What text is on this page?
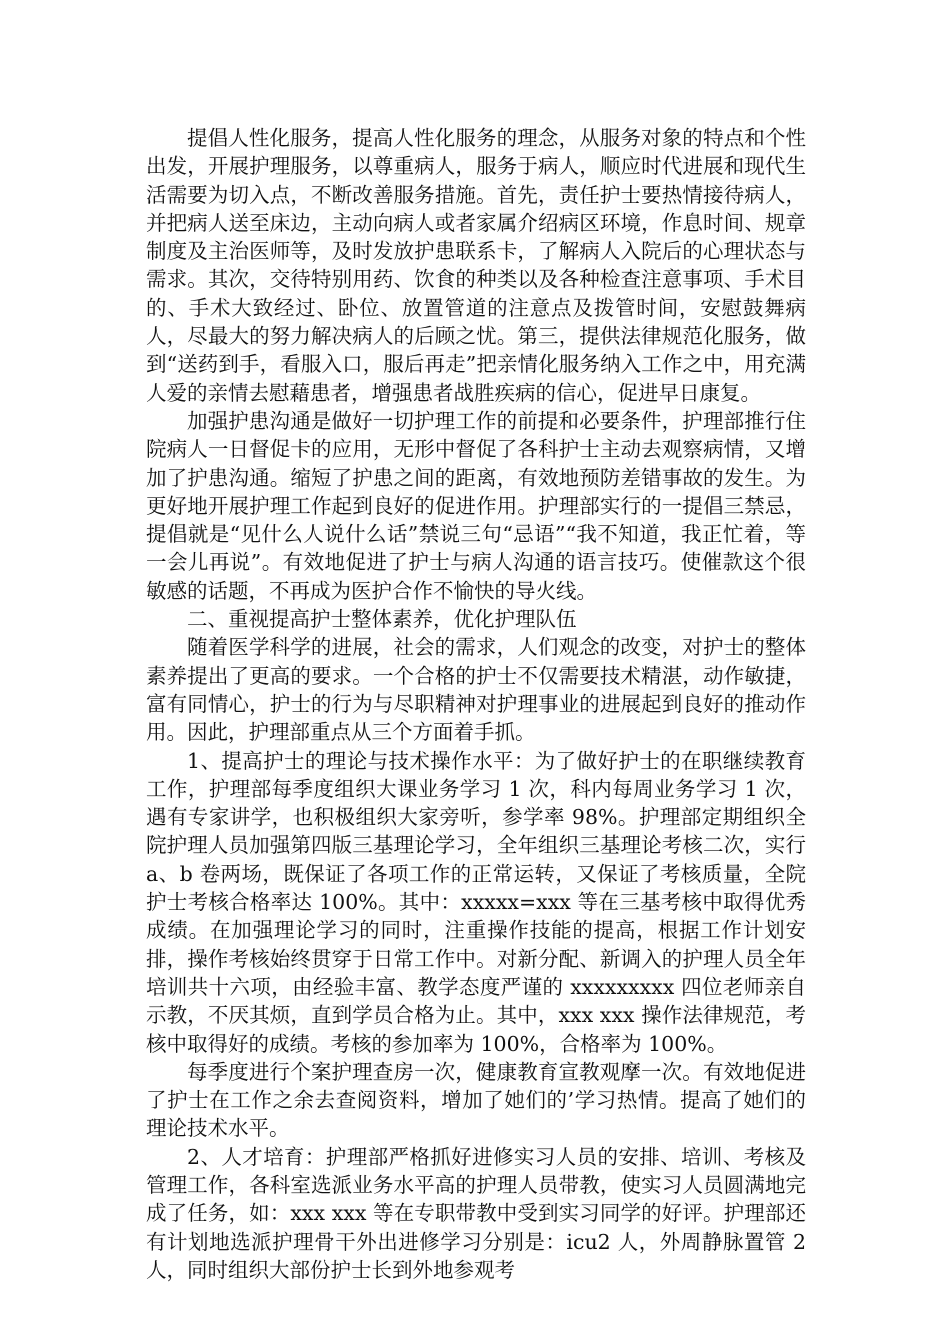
提倡人性化服务，提高人性化服务的理念，从服务对象的特点和个性出发，开展护理服务，以尊重病人，服务于病人，顺应时代进展和现代生活需要为切入点，不断改善服务措施。首先，责任护士要热情接待病人，并把病人送至床边，主动向病人或者家属介绍病区环境，作息时间、规章制度及主治医师等，及时发放护患联系卡，了解病人入院后的心理状态与需求。其次，交待特别用药、饮食的种类以及各种检查注意事项、手术目的、手术大致经过、卧位、放置管道的注意点及拨管时间，安慰鼓舞病人，尽最大的努力解决病人的后顾之忧。第三，提供法律规范化服务，做到“送药到手，看服入口，服后再走”把亲情化服务纳入工作之中，用充满人爱的亲情去慰藉患者，增强患者战胜疾病的信心，促进早日康复。

加强护患沟通是做好一切护理工作的前提和必要条件，护理部推行住院病人一日督促卡的应用，无形中督促了各科护士主动去观察病情，又增加了护患沟通。缩短了护患之间的距离，有效地预防差错事故的发生。为更好地开展护理工作起到良好的促进作用。护理部实行的一提倡三禁忌，提倡就是“见什么人说什么话”禁说三句“忌语”“我不知道，我正忙着，等一会儿再说”。有效地促进了护士与病人沟通的语言技巧。使催款这个很敏感的话题，不再成为医护合作不愉快的导火线。

二、重视提高护士整体素养，优化护理队伍

随着医学科学的进展，社会的需求，人们观念的改变，对护士的整体素养提出了更高的要求。一个合格的护士不仅需要技术精湛，动作敏捷，富有同情心，护士的行为与尽职精神对护理事业的进展起到良好的推动作用。因此，护理部重点从三个方面着手抓。

1、提高护士的理论与技术操作水平：为了做好护士的在职继续教育工作，护理部每季度组织大课业务学习 1 次，科内每周业务学习 1 次，遇有专家讲学，也积极组织大家旁听，参学率 98%。护理部定期组织全院护理人员加强第四版三基理论学习，全年组织三基理论考核二次，实行 a、b 卷两场，既保证了各项工作的正常运转，又保证了考核质量，全院护士考核合格率达 100%。其中：xxxxx=xxx 等在三基考核中取得优秀成绩。在加强理论学习的同时，注重操作技能的提高，根据工作计划安排，操作考核始终贯穿于日常工作中。对新分配、新调入的护理人员全年培训共十六项，由经验丰富、教学态度严谨的 xxxxxxxxx 四位老师亲自示教，不厌其烦，直到学员合格为止。其中，xxx xxx 操作法律规范，考核中取得好的成绩。考核的参加率为 100%，合格率为 100%。

每季度进行个案护理查房一次，健康教育宣教观摩一次。有效地促进了护士在工作之余去查阅资料，增加了她们的’学习热情。提高了她们的理论技术水平。

2、人才培育：护理部严格抓好进修实习人员的安排、培训、考核及管理工作，各科室选派业务水平高的护理人员带教，使实习人员圆满地完成了任务，如：xxx xxx 等在专职带教中受到实习同学的好评。护理部还有计划地选派护理骨干外出进修学习分别是：icu2 人，外周静脉置管 2 人，同时组织大部份护士长到外地参观考
